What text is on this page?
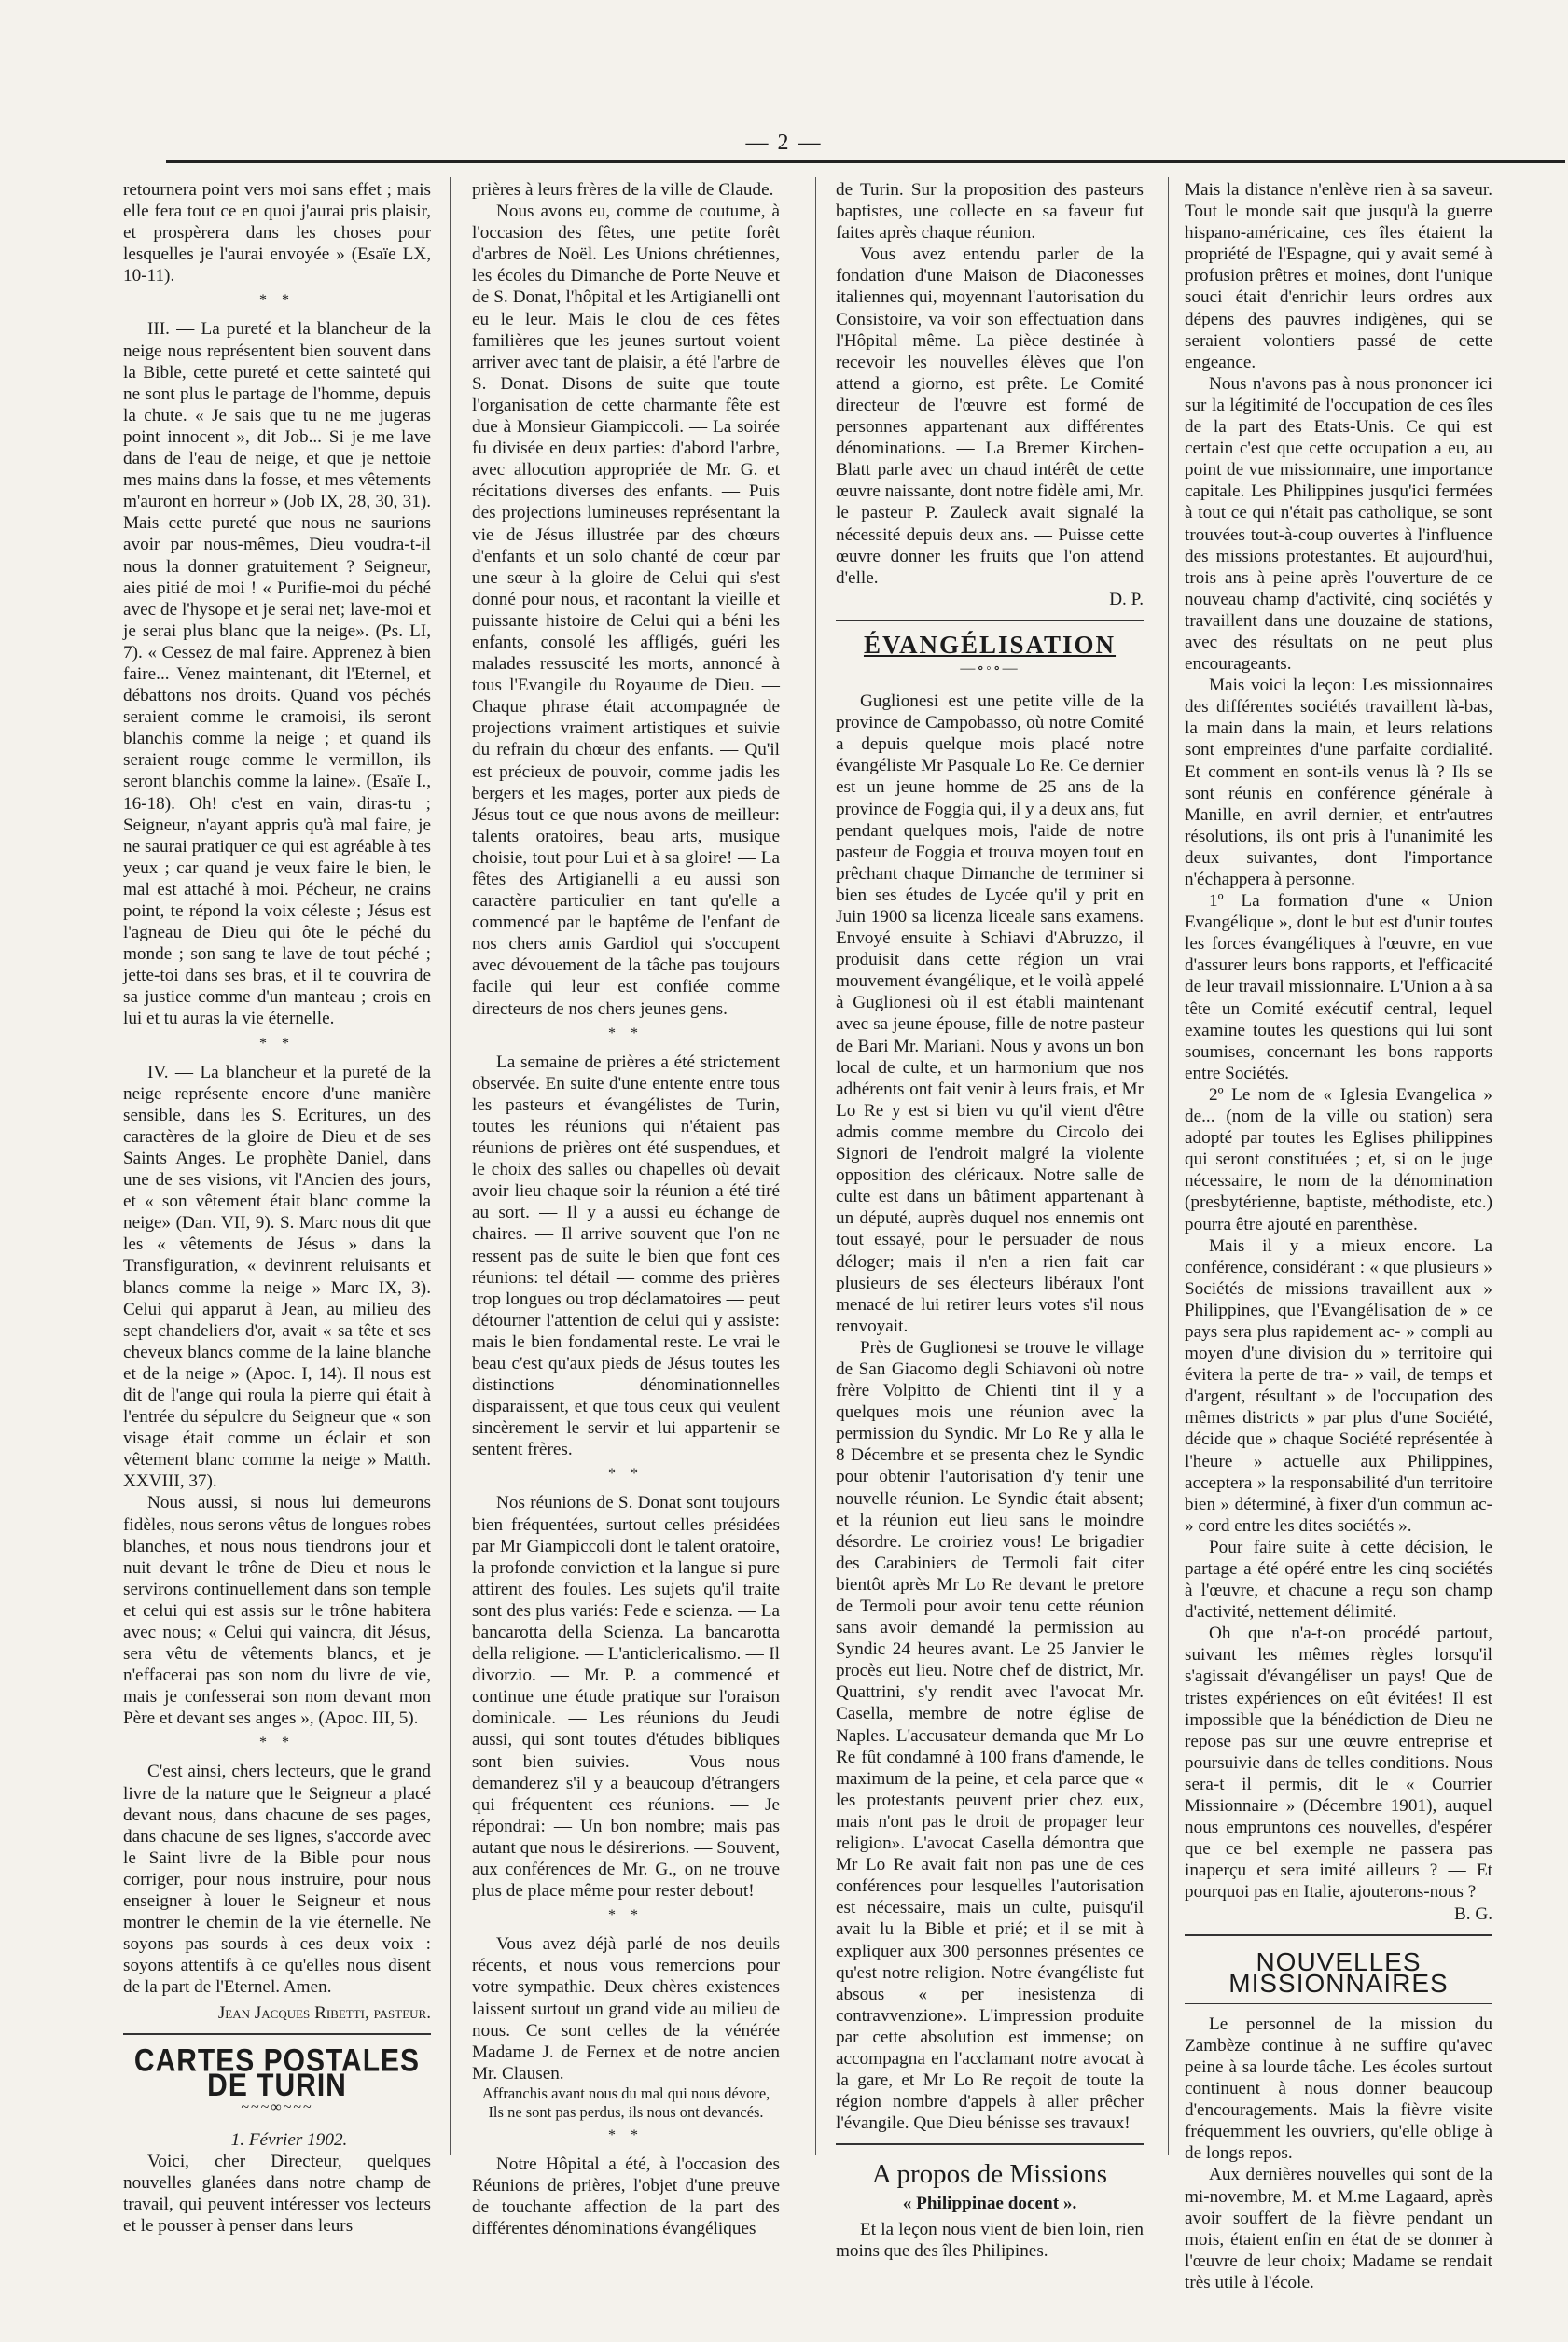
— 2 —

retournera point vers moi sans effet ; mais elle fera tout ce en quoi j'aurai pris plaisir, et prospèrera dans les choses pour lesquelles je l'aurai envoyée » (Esaïe LX, 10-11).

* *

III. — La pureté et la blancheur de la neige nous représentent bien souvent dans la Bible, cette pureté et cette sainteté qui ne sont plus le partage de l'homme, depuis la chute. « Je sais que tu ne me jugeras point innocent », dit Job... Si je me lave dans de l'eau de neige, et que je nettoie mes mains dans la fosse, et mes vêtements m'auront en horreur » (Job IX, 28, 30, 31). Mais cette pureté que nous ne saurions avoir par nous-mêmes, Dieu voudra-t-il nous la donner gratuitement ? Seigneur, aies pitié de moi ! « Purifie-moi du péché avec de l'hysope et je serai net; lave-moi et je serai plus blanc que la neige». (Ps. LI, 7). « Cessez de mal faire. Apprenez à bien faire... Venez maintenant, dit l'Eternel, et débattons nos droits. Quand vos péchés seraient comme le cramoisi, ils seront blanchis comme la neige ; et quand ils seraient rouge comme le vermillon, ils seront blanchis comme la laine». (Esaïe I., 16-18). Oh! c'est en vain, diras-tu ; Seigneur, n'ayant appris qu'à mal faire, je ne saurai pratiquer ce qui est agréable à tes yeux ; car quand je veux faire le bien, le mal est attaché à moi. Pécheur, ne crains point, te répond la voix céleste ; Jésus est l'agneau de Dieu qui ôte le péché du monde ; son sang te lave de tout péché ; jette-toi dans ses bras, et il te couvrira de sa justice comme d'un manteau ; crois en lui et tu auras la vie éternelle.

* *

IV. — La blancheur et la pureté de la neige représente encore d'une manière sensible, dans les S. Ecritures, un des caractères de la gloire de Dieu et de ses Saints Anges. Le prophète Daniel, dans une de ses visions, vit l'Ancien des jours, et « son vêtement était blanc comme la neige» (Dan. VII, 9). S. Marc nous dit que les « vêtements de Jésus » dans la Transfiguration, « devinrent reluisants et blancs comme la neige » Marc IX, 3). Celui qui apparut à Jean, au milieu des sept chandeliers d'or, avait « sa tête et ses cheveux blancs comme de la laine blanche et de la neige » (Apoc. I, 14). Il nous est dit de l'ange qui roula la pierre qui était à l'entrée du sépulcre du Seigneur que « son visage était comme un éclair et son vêtement blanc comme la neige » Matth. XXVIII, 37).

Nous aussi, si nous lui demeurons fidèles, nous serons vêtus de longues robes blanches, et nous nous tiendrons jour et nuit devant le trône de Dieu et nous le servirons continuellement dans son temple et celui qui est assis sur le trône habitera avec nous; « Celui qui vaincra, dit Jésus, sera vêtu de vêtements blancs, et je n'effacerai pas son nom du livre de vie, mais je confesserai son nom devant mon Père et devant ses anges », (Apoc. III, 5).

* *

C'est ainsi, chers lecteurs, que le grand livre de la nature que le Seigneur a placé devant nous, dans chacune de ses pages, dans chacune de ses lignes, s'accorde avec le Saint livre de la Bible pour nous corriger, pour nous instruire, pour nous enseigner à louer le Seigneur et nous montrer le chemin de la vie éternelle. Ne soyons pas sourds à ces deux voix : soyons attentifs à ce qu'elles nous disent de la part de l'Eternel. Amen.

Jean Jacques Ribetti, pasteur.
CARTES POSTALES DE TURIN
~~~∞~~~

1. Février 1902.

Voici, cher Directeur, quelques nouvelles glanées dans notre champ de travail, qui peuvent intéresser vos lecteurs et le pousser à penser dans leurs

prières à leurs frères de la ville de Claude.

Nous avons eu, comme de coutume, à l'occasion des fêtes, une petite forêt d'arbres de Noël. Les Unions chrétiennes, les écoles du Dimanche de Porte Neuve et de S. Donat, l'hôpital et les Artigianelli ont eu le leur. Mais le clou de ces fêtes familières que les jeunes surtout voient arriver avec tant de plaisir, a été l'arbre de S. Donat. Disons de suite que toute l'organisation de cette charmante fête est due à Monsieur Giampiccoli. — La soirée fu divisée en deux parties: d'abord l'arbre, avec allocution appropriée de Mr. G. et récitations diverses des enfants. — Puis des projections lumineuses représentant la vie de Jésus illustrée par des chœurs d'enfants et un solo chanté de cœur par une sœur à la gloire de Celui qui s'est donné pour nous, et racontant la vieille et puissante histoire de Celui qui a béni les enfants, consolé les affligés, guéri les malades ressuscité les morts, annoncé à tous l'Evangile du Royaume de Dieu. — Chaque phrase était accompagnée de projections vraiment artistiques et suivie du refrain du chœur des enfants. — Qu'il est précieux de pouvoir, comme jadis les bergers et les mages, porter aux pieds de Jésus tout ce que nous avons de meilleur: talents oratoires, beau arts, musique choisie, tout pour Lui et à sa gloire! — La fêtes des Artigianelli a eu aussi son caractère particulier en tant qu'elle a commencé par le baptême de l'enfant de nos chers amis Gardiol qui s'occupent avec dévouement de la tâche pas toujours facile qui leur est confiée comme directeurs de nos chers jeunes gens.

* *

La semaine de prières a été strictement observée. En suite d'une entente entre tous les pasteurs et évangélistes de Turin, toutes les réunions qui n'étaient pas réunions de prières ont été suspendues, et le choix des salles ou chapelles où devait avoir lieu chaque soir la réunion a été tiré au sort. — Il y a aussi eu échange de chaires. — Il arrive souvent que l'on ne ressent pas de suite le bien que font ces réunions: tel détail — comme des prières trop longues ou trop déclamatoires — peut détourner l'attention de celui qui y assiste: mais le bien fondamental reste. Le vrai le beau c'est qu'aux pieds de Jésus toutes les distinctions dénominationnelles disparaissent, et que tous ceux qui veulent sincèrement le servir et lui appartenir se sentent frères.

* *

Nos réunions de S. Donat sont toujours bien fréquentées, surtout celles présidées par Mr Giampiccoli dont le talent oratoire, la profonde conviction et la langue si pure attirent des foules. Les sujets qu'il traite sont des plus variés: Fede e scienza. — La bancarotta della Scienza. La bancarotta della religione. — L'anticlericalismo. — Il divorzio. — Mr. P. a commencé et continue une étude pratique sur l'oraison dominicale. — Les réunions du Jeudi aussi, qui sont toutes d'études bibliques sont bien suivies. — Vous nous demanderez s'il y a beaucoup d'étrangers qui fréquentent ces réunions. — Je répondrai: — Un bon nombre; mais pas autant que nous le désirerions. — Souvent, aux conférences de Mr. G., on ne trouve plus de place même pour rester debout!

* *

Vous avez déjà parlé de nos deuils récents, et nous vous remercions pour votre sympathie. Deux chères existences laissent surtout un grand vide au milieu de nous. Ce sont celles de la vénérée Madame J. de Fernex et de notre ancien Mr. Clausen.

Affranchis avant nous du mal qui nous dévore,
Ils ne sont pas perdus, ils nous ont devancés.
* *

Notre Hôpital a été, à l'occasion des Réunions de prières, l'objet d'une preuve de touchante affection de la part des différentes dénominations évangéliques

de Turin. Sur la proposition des pasteurs baptistes, une collecte en sa faveur fut faites après chaque réunion.

Vous avez entendu parler de la fondation d'une Maison de Diaconesses italiennes qui, moyennant l'autorisation du Consistoire, va voir son effectuation dans l'Hôpital même. La pièce destinée à recevoir les nouvelles élèves que l'on attend a giorno, est prête. Le Comité directeur de l'œuvre est formé de personnes appartenant aux différentes dénominations. — La Bremer Kirchen-Blatt parle avec un chaud intérêt de cette œuvre naissante, dont notre fidèle ami, Mr. le pasteur P. Zauleck avait signalé la nécessité depuis deux ans. — Puisse cette œuvre donner les fruits que l'on attend d'elle.

D. P.
ÉVANGÉLISATION
—∘◦∘—

Guglionesi est une petite ville de la province de Campobasso, où notre Comité a depuis quelque mois placé notre évangéliste Mr Pasquale Lo Re. Ce dernier est un jeune homme de 25 ans de la province de Foggia qui, il y a deux ans, fut pendant quelques mois, l'aide de notre pasteur de Foggia et trouva moyen tout en prêchant chaque Dimanche de terminer si bien ses études de Lycée qu'il y prit en Juin 1900 sa licenza liceale sans examens. Envoyé ensuite à Schiavi d'Abruzzo, il produisit dans cette région un vrai mouvement évangélique, et le voilà appelé à Guglionesi où il est établi maintenant avec sa jeune épouse, fille de notre pasteur de Bari Mr. Mariani. Nous y avons un bon local de culte, et un harmonium que nos adhérents ont fait venir à leurs frais, et Mr Lo Re y est si bien vu qu'il vient d'être admis comme membre du Circolo dei Signori de l'endroit malgré la violente opposition des cléricaux. Notre salle de culte est dans un bâtiment appartenant à un député, auprès duquel nos ennemis ont tout essayé, pour le persuader de nous déloger; mais il n'en a rien fait car plusieurs de ses électeurs libéraux l'ont menacé de lui retirer leurs votes s'il nous renvoyait.

Près de Guglionesi se trouve le village de San Giacomo degli Schiavoni où notre frère Volpitto de Chienti tint il y a quelques mois une réunion avec la permission du Syndic. Mr Lo Re y alla le 8 Décembre et se presenta chez le Syndic pour obtenir l'autorisation d'y tenir une nouvelle réunion. Le Syndic était absent; et la réunion eut lieu sans le moindre désordre. Le croiriez vous! Le brigadier des Carabiniers de Termoli fait citer bientôt après Mr Lo Re devant le pretore de Termoli pour avoir tenu cette réunion sans avoir demandé la permission au Syndic 24 heures avant. Le 25 Janvier le procès eut lieu. Notre chef de district, Mr. Quattrini, s'y rendit avec l'avocat Mr. Casella, membre de notre église de Naples. L'accusateur demanda que Mr Lo Re fût condamné à 100 frans d'amende, le maximum de la peine, et cela parce que « les protestants peuvent prier chez eux, mais n'ont pas le droit de propager leur religion». L'avocat Casella démontra que Mr Lo Re avait fait non pas une de ces conférences pour lesquelles l'autorisation est nécessaire, mais un culte, puisqu'il avait lu la Bible et prié; et il se mit à expliquer aux 300 personnes présentes ce qu'est notre religion. Notre évangéliste fut absous « per inesistenza di contravvenzione». L'impression produite par cette absolution est immense; on accompagna en l'acclamant notre avocat à la gare, et Mr Lo Re reçoit de toute la région nombre d'appels à aller prêcher l'évangile. Que Dieu bénisse ses travaux!

A propos de Missions

« Philippinae docent ».

Et la leçon nous vient de bien loin, rien moins que des îles Philipines.

Mais la distance n'enlève rien à sa saveur. Tout le monde sait que jusqu'à la guerre hispano-américaine, ces îles étaient la propriété de l'Espagne, qui y avait semé à profusion prêtres et moines, dont l'unique souci était d'enrichir leurs ordres aux dépens des pauvres indigènes, qui se seraient volontiers passé de cette engeance.

Nous n'avons pas à nous prononcer ici sur la légitimité de l'occupation de ces îles de la part des Etats-Unis. Ce qui est certain c'est que cette occupation a eu, au point de vue missionnaire, une importance capitale. Les Philippines jusqu'ici fermées à tout ce qui n'était pas catholique, se sont trouvées tout-à-coup ouvertes à l'influence des missions protestantes. Et aujourd'hui, trois ans à peine après l'ouverture de ce nouveau champ d'activité, cinq sociétés y travaillent dans une douzaine de stations, avec des résultats on ne peut plus encourageants.

Mais voici la leçon: Les missionnaires des différentes sociétés travaillent là-bas, la main dans la main, et leurs relations sont empreintes d'une parfaite cordialité. Et comment en sont-ils venus là ? Ils se sont réunis en conférence générale à Manille, en avril dernier, et entr'autres résolutions, ils ont pris à l'unanimité les deux suivantes, dont l'importance n'échappera à personne.

1º La formation d'une « Union Evangélique », dont le but est d'unir toutes les forces évangéliques à l'œuvre, en vue d'assurer leurs bons rapports, et l'efficacité de leur travail missionnaire. L'Union a à sa tête un Comité exécutif central, lequel examine toutes les questions qui lui sont soumises, concernant les bons rapports entre Sociétés.

2º Le nom de « Iglesia Evangelica » de... (nom de la ville ou station) sera adopté par toutes les Eglises philippines qui seront constituées ; et, si on le juge nécessaire, le nom de la dénomination (presbytérienne, baptiste, méthodiste, etc.) pourra être ajouté en parenthèse.

Mais il y a mieux encore. La conférence, considérant : « que plusieurs » Sociétés de missions travaillent aux » Philippines, que l'Evangélisation de » ce pays sera plus rapidement ac- » compli au moyen d'une division du » territoire qui évitera la perte de tra- » vail, de temps et d'argent, résultant » de l'occupation des mêmes districts » par plus d'une Société, décide que » chaque Société représentée à l'heure » actuelle aux Philippines, acceptera » la responsabilité d'un territoire bien » déterminé, à fixer d'un commun ac- » cord entre les dites sociétés ».

Pour faire suite à cette décision, le partage a été opéré entre les cinq sociétés à l'œuvre, et chacune a reçu son champ d'activité, nettement délimité.

Oh que n'a-t-on procédé partout, suivant les mêmes règles lorsqu'il s'agissait d'évangéliser un pays! Que de tristes expériences on eût évitées! Il est impossible que la bénédiction de Dieu ne repose pas sur une œuvre entreprise et poursuivie dans de telles conditions. Nous sera-t il permis, dit le « Courrier Missionnaire » (Décembre 1901), auquel nous empruntons ces nouvelles, d'espérer que ce bel exemple ne passera pas inaperçu et sera imité ailleurs ? — Et pourquoi pas en Italie, ajouterons-nous ?

B. G.
NOUVELLES MISSIONNAIRES

Le personnel de la mission du Zambèze continue à ne suffire qu'avec peine à sa lourde tâche. Les écoles surtout continuent à nous donner beaucoup d'encouragements. Mais la fièvre visite fréquemment les ouvriers, qu'elle oblige à de longs repos.

Aux dernières nouvelles qui sont de la mi-novembre, M. et M.me Lagaard, après avoir souffert de la fièvre pendant un mois, étaient enfin en état de se donner à l'œuvre de leur choix; Madame se rendait très utile à l'école.
